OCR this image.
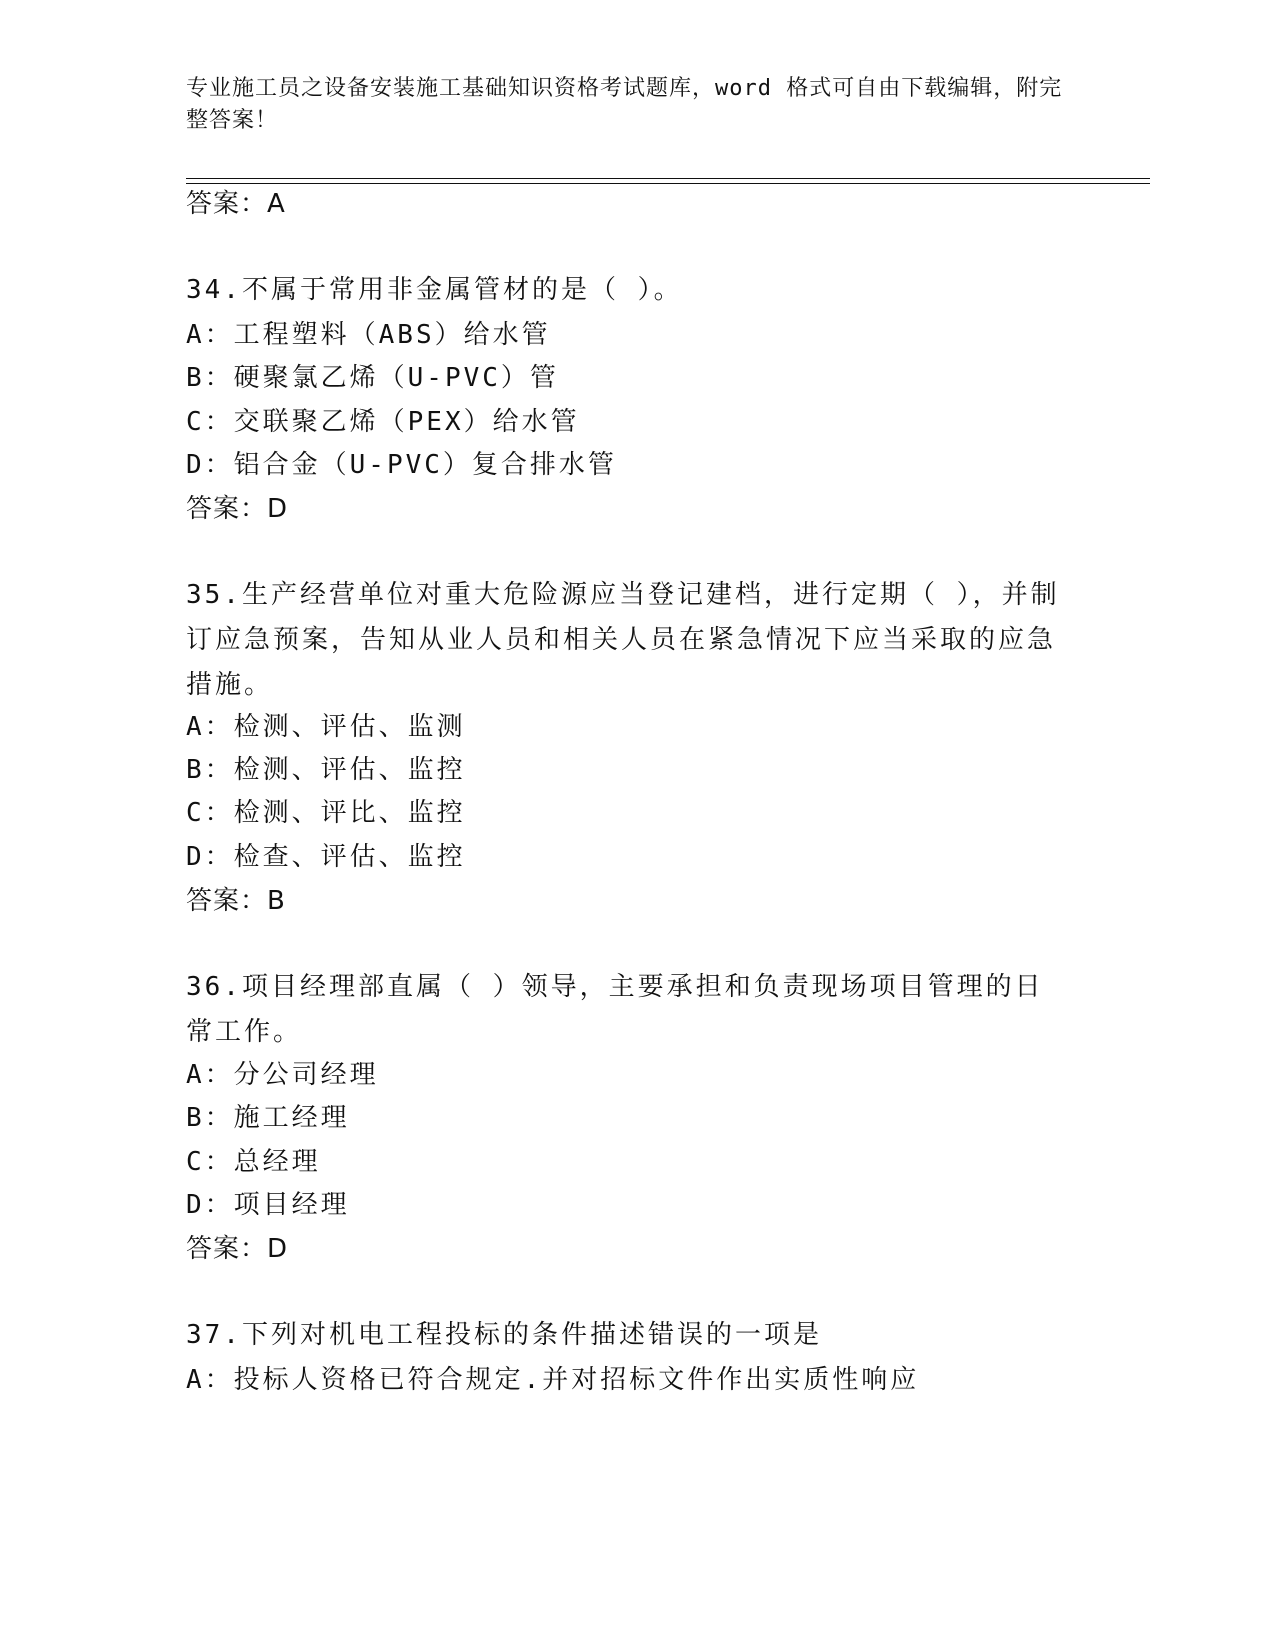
专业施工员之设备安装施工基础知识资格考试题库，word 格式可自由下载编辑，附完整答案！
答案：A
34.不属于常用非金属管材的是（ ）。
A：工程塑料（ABS）给水管
B：硬聚氯乙烯（U-PVC）管
C：交联聚乙烯（PEX）给水管
D：铝合金（U-PVC）复合排水管
答案：D
35.生产经营单位对重大危险源应当登记建档，进行定期（ ），并制订应急预案，告知从业人员和相关人员在紧急情况下应当采取的应急措施。
A：检测、评估、监测
B：检测、评估、监控
C：检测、评比、监控
D：检查、评估、监控
答案：B
36.项目经理部直属（ ）领导，主要承担和负责现场项目管理的日常工作。
A：分公司经理
B：施工经理
C：总经理
D：项目经理
答案：D
37.下列对机电工程投标的条件描述错误的一项是
A：投标人资格已符合规定.并对招标文件作出实质性响应
